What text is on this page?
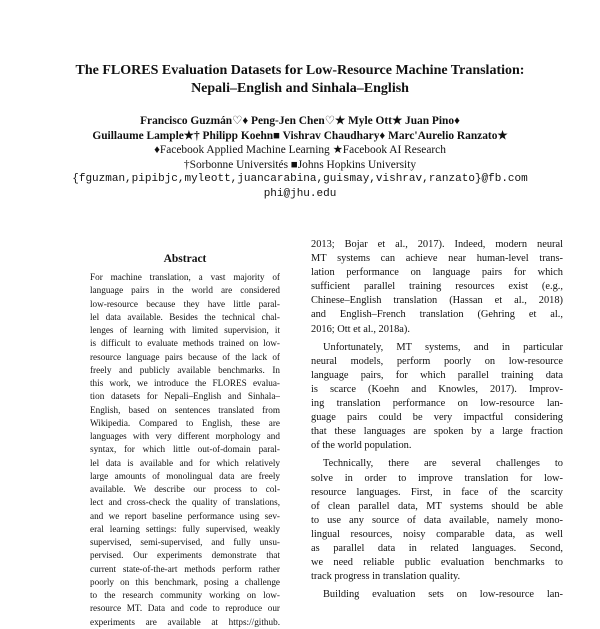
The FLORES Evaluation Datasets for Low-Resource Machine Translation:
Nepali–English and Sinhala–English
Francisco Guzmán♡♦ Peng-Jen Chen♡★ Myle Ott★ Juan Pino♦
Guillaume Lample★† Philipp Koehn■ Vishrav Chaudhary♦ Marc'Aurelio Ranzato★
♦Facebook Applied Machine Learning ★Facebook AI Research
†Sorbonne Universités ■Johns Hopkins University
{fguzman,pipibjc,myleott,juancarabina,guismay,vishrav,ranzato}@fb.com
phi@jhu.edu
Abstract
For machine translation, a vast majority of
language pairs in the world are considered
low-resource because they have little paral-
lel data available. Besides the technical chal-
lenges of learning with limited supervision, it
is difficult to evaluate methods trained on low-
resource language pairs because of the lack of
freely and publicly available benchmarks. In
this work, we introduce the FLORES evalua-
tion datasets for Nepali–English and Sinhala–
English, based on sentences translated from
Wikipedia. Compared to English, these are
languages with very different morphology and
syntax, for which little out-of-domain paral-
lel data is available and for which relatively
large amounts of monolingual data are freely
available. We describe our process to col-
lect and cross-check the quality of translations,
and we report baseline performance using sev-
eral learning settings: fully supervised, weakly
supervised, semi-supervised, and fully unsu-
pervised. Our experiments demonstrate that
current state-of-the-art methods perform rather
poorly on this benchmark, posing a challenge
to the research community working on low-
resource MT. Data and code to reproduce our
experiments are available at https://github.
2013; Bojar et al., 2017). Indeed, modern neural
MT systems can achieve near human-level trans-
lation performance on language pairs for which
sufficient parallel training resources exist (e.g.,
Chinese–English translation (Hassan et al., 2018)
and English–French translation (Gehring et al.,
2016; Ott et al., 2018a).
Unfortunately, MT systems, and in particular
neural models, perform poorly on low-resource
language pairs, for which parallel training data
is scarce (Koehn and Knowles, 2017). Improv-
ing translation performance on low-resource lan-
guage pairs could be very impactful considering
that these languages are spoken by a large fraction
of the world population.
Technically, there are several challenges to
solve in order to improve translation for low-
resource languages. First, in face of the scarcity
of clean parallel data, MT systems should be able
to use any source of data available, namely mono-
lingual resources, noisy comparable data, as well
as parallel data in related languages. Second,
we need reliable public evaluation benchmarks to
track progress in translation quality.
Building evaluation sets on low-resource lan-
